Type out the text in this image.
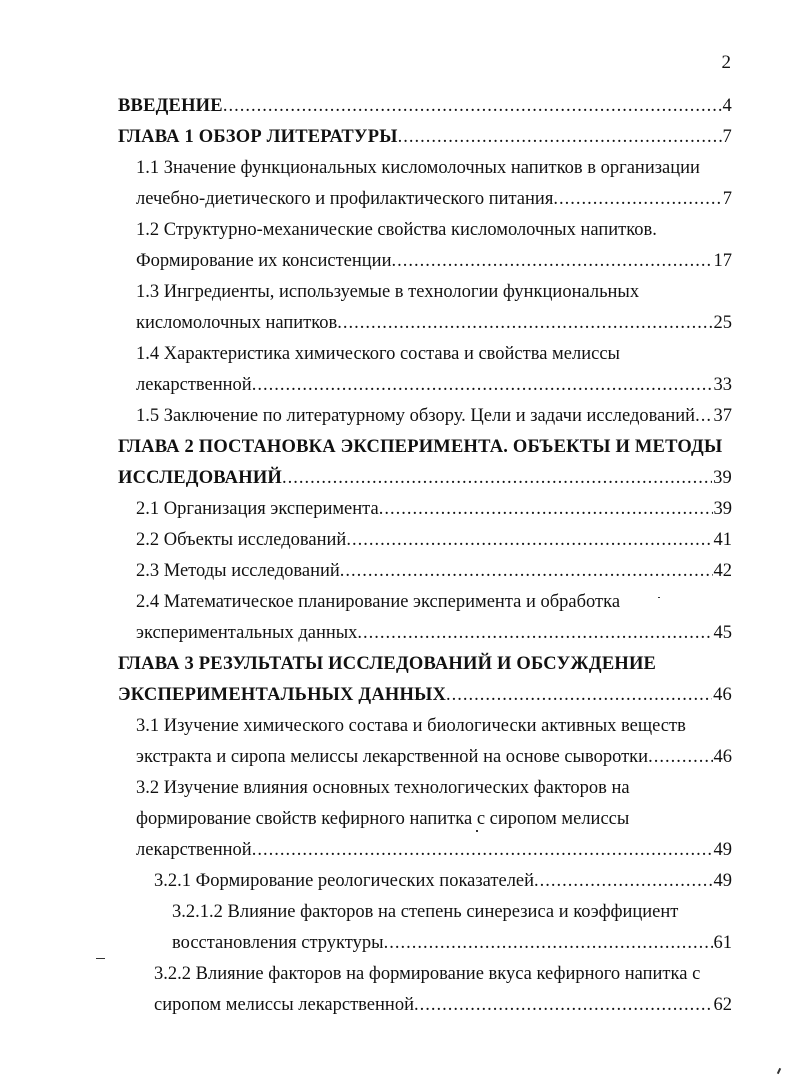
2
ВВЕДЕНИЕ .....	4
ГЛАВА 1 ОБЗОР ЛИТЕРАТУРЫ .....	7
1.1 Значение функциональных кисломолочных напитков в организации
лечебно-диетического и профилактического питания .....	7
1.2 Структурно-механические свойства кисломолочных напитков.
Формирование их консистенции .....	17
1.3 Ингредиенты, используемые в технологии функциональных
кисломолочных напитков .....	25
1.4 Характеристика химического состава и свойства мелиссы
лекарственной .....	33
1.5 Заключение по литературному обзору. Цели и задачи исследований ..... 37
ГЛАВА 2 ПОСТАНОВКА ЭКСПЕРИМЕНТА. ОБЪЕКТЫ И МЕТОДЫ
ИССЛЕДОВАНИЙ .....	39
2.1 Организация эксперимента .....	39
2.2 Объекты исследований .....	41
2.3 Методы исследований .....	42
2.4 Математическое планирование эксперимента и обработка
экспериментальных данных .....	45
ГЛАВА 3 РЕЗУЛЬТАТЫ ИССЛЕДОВАНИЙ И ОБСУЖДЕНИЕ
ЭКСПЕРИМЕНТАЛЬНЫХ ДАННЫХ .....	46
3.1 Изучение химического состава и биологически активных веществ
экстракта и сиропа мелиссы лекарственной на основе сыворотки .....	46
3.2 Изучение влияния основных технологических факторов на
формирование свойств кефирного напитка с сиропом мелиссы
лекарственной .....	49
3.2.1 Формирование реологических показателей .....	49
3.2.1.2 Влияние факторов на степень синерезиса и коэффициент
восстановления структуры .....	61
3.2.2 Влияние факторов на формирование вкуса кефирного напитка с
сиропом мелиссы лекарственной .....	62
